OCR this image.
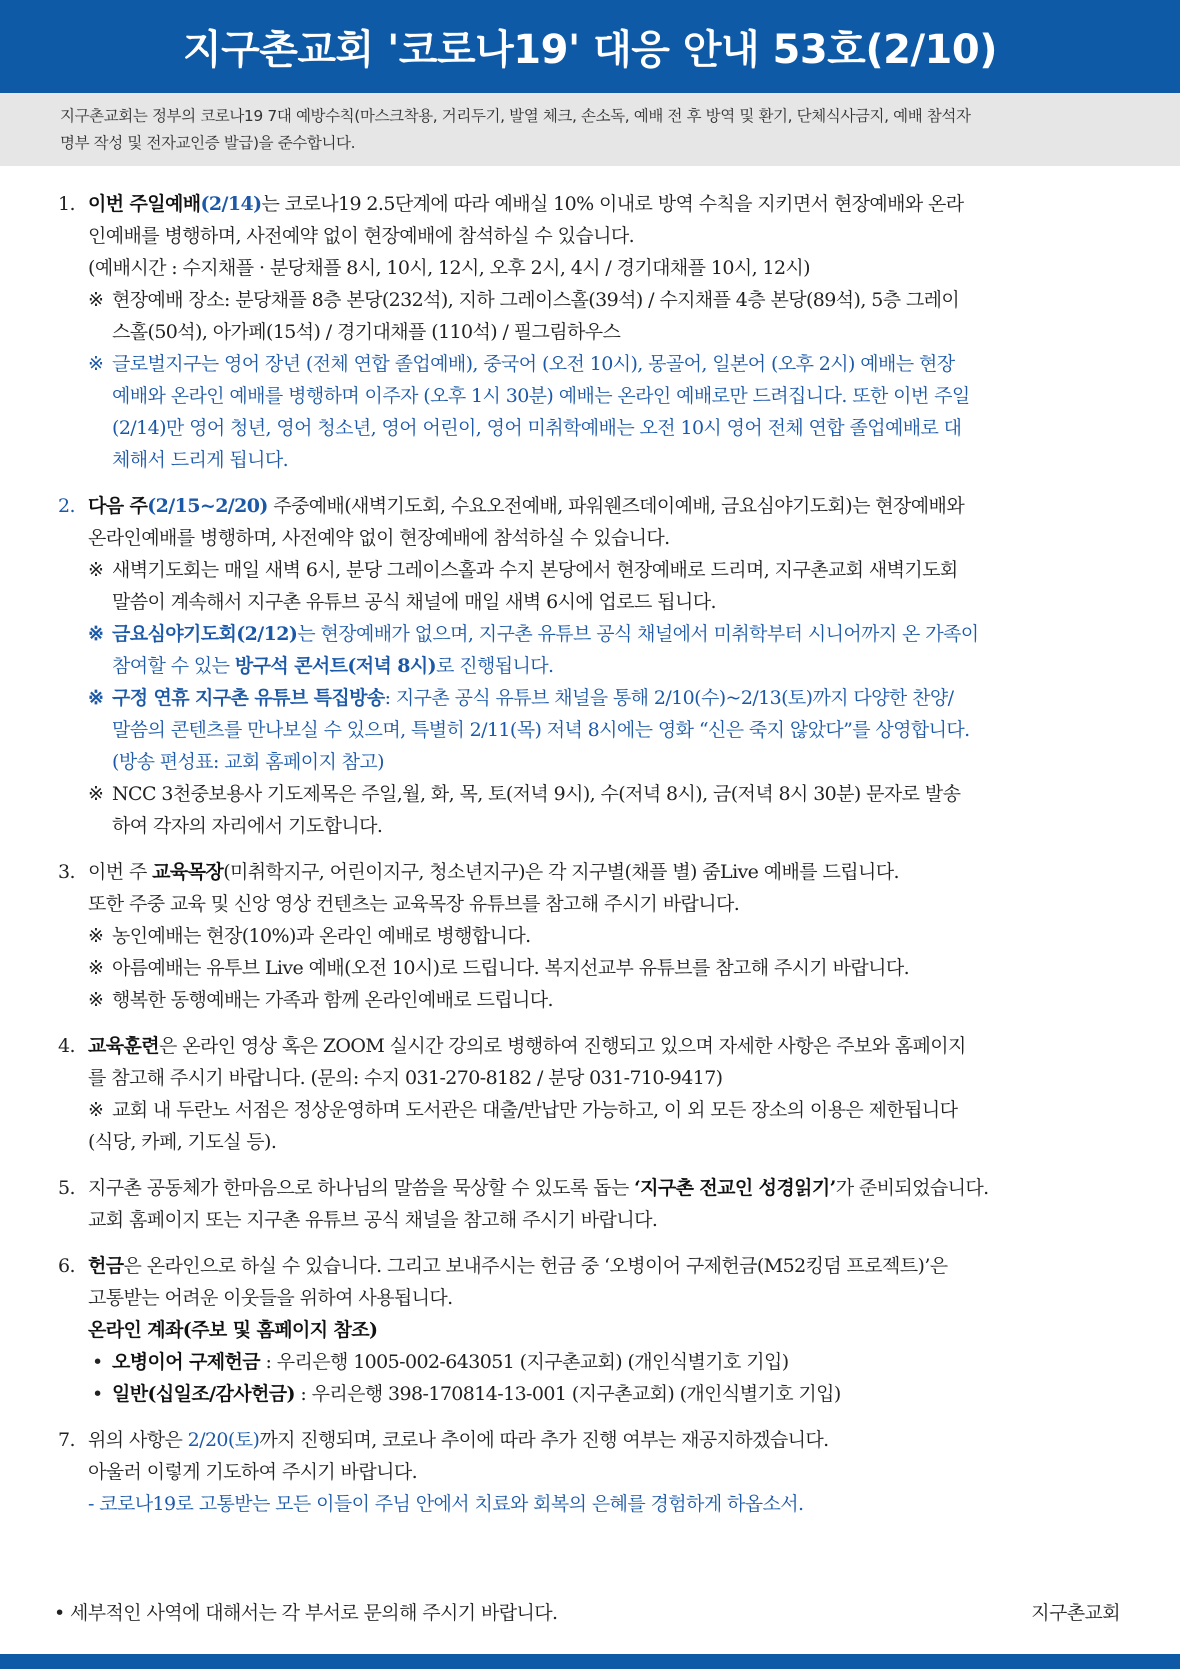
지구촌교회 '코로나19' 대응 안내 53호(2/10)
지구촌교회는 정부의 코로나19 7대 예방수칙(마스크착용, 거리두기, 발열 체크, 손소독, 예배 전 후 방역 및 환기, 단체식사금지, 예배 참석자
명부 작성 및 전자교인증 발급)을 준수합니다.
1. 이번 주일예배(2/14)는 코로나19 2.5단계에 따라 예배실 10% 이내로 방역 수칙을 지키면서 현장예배와 온라
인예배를 병행하며, 사전예약 없이 현장예배에 참석하실 수 있습니다.
(예배시간 : 수지채플 · 분당채플 8시, 10시, 12시, 오후 2시, 4시 / 경기대채플 10시, 12시)
※ 현장예배 장소: 분당채플 8층 본당(232석), 지하 그레이스홀(39석) / 수지채플 4층 본당(89석), 5층 그레이
스홀(50석), 아가페(15석) / 경기대채플 (110석) / 필그림하우스
※ 글로벌지구는 영어 장년 (전체 연합 졸업예배), 중국어 (오전 10시), 몽골어, 일본어 (오후 2시) 예배는 현장
예배와 온라인 예배를 병행하며 이주자 (오후 1시 30분) 예배는 온라인 예배로만 드려집니다. 또한 이번 주일
(2/14)만 영어 청년, 영어 청소년, 영어 어린이, 영어 미취학예배는 오전 10시 영어 전체 연합 졸업예배로 대
체해서 드리게 됩니다.
2. 다음 주(2/15~2/20) 주중예배(새벽기도회, 수요오전예배, 파워웬즈데이예배, 금요심야기도회)는 현장예배와
온라인예배를 병행하며, 사전예약 없이 현장예배에 참석하실 수 있습니다.
※ 새벽기도회는 매일 새벽 6시, 분당 그레이스홀과 수지 본당에서 현장예배로 드리며, 지구촌교회 새벽기도회
말씀이 계속해서 지구촌 유튜브 공식 채널에 매일 새벽 6시에 업로드 됩니다.
※ 금요심야기도회(2/12)는 현장예배가 없으며, 지구촌 유튜브 공식 채널에서 미취학부터 시니어까지 온 가족이
참여할 수 있는 방구석 콘서트(저녁 8시)로 진행됩니다.
※ 구정 연휴 지구촌 유튜브 특집방송: 지구촌 공식 유튜브 채널을 통해 2/10(수)~2/13(토)까지 다양한 찬양/
말씀의 콘텐츠를 만나보실 수 있으며, 특별히 2/11(목) 저녁 8시에는 영화 “신은 죽지 않았다”를 상영합니다.
(방송 편성표: 교회 홈페이지 참고)
※ NCC 3천중보용사 기도제목은 주일,월, 화, 목, 토(저녁 9시), 수(저녁 8시), 금(저녁 8시 30분) 문자로 발송
하여 각자의 자리에서 기도합니다.
3. 이번 주 교육목장(미취학지구, 어린이지구, 청소년지구)은 각 지구별(채플 별) 줌Live 예배를 드립니다.
또한 주중 교육 및 신앙 영상 컨텐츠는 교육목장 유튜브를 참고해 주시기 바랍니다.
※ 농인예배는 현장(10%)과 온라인 예배로 병행합니다.
※ 아름예배는 유투브 Live 예배(오전 10시)로 드립니다. 복지선교부 유튜브를 참고해 주시기 바랍니다.
※ 행복한 동행예배는 가족과 함께 온라인예배로 드립니다.
4. 교육훈련은 온라인 영상 혹은 ZOOM 실시간 강의로 병행하여 진행되고 있으며 자세한 사항은 주보와 홈페이지
를 참고해 주시기 바랍니다. (문의: 수지 031-270-8182 / 분당 031-710-9417)
※ 교회 내 두란노 서점은 정상운영하며 도서관은 대출/반납만 가능하고, 이 외 모든 장소의 이용은 제한됩니다
(식당, 카페, 기도실 등).
5. 지구촌 공동체가 한마음으로 하나님의 말씀을 묵상할 수 있도록 돕는 ‘지구촌 전교인 성경읽기’가 준비되었습니다.
교회 홈페이지 또는 지구촌 유튜브 공식 채널을 참고해 주시기 바랍니다.
6. 헌금은 온라인으로 하실 수 있습니다. 그리고 보내주시는 헌금 중 ‘오병이어 구제헌금(M52킹덤 프로젝트)’은
고통받는 어려운 이웃들을 위하여 사용됩니다.
온라인 계좌(주보 및 홈페이지 참조)
• 오병이어 구제헌금 : 우리은행 1005-002-643051 (지구촌교회) (개인식별기호 기입)
• 일반(십일조/감사헌금) : 우리은행 398-170814-13-001 (지구촌교회) (개인식별기호 기입)
7. 위의 사항은 2/20(토)까지 진행되며, 코로나 추이에 따라 추가 진행 여부는 재공지하겠습니다.
아울러 이렇게 기도하여 주시기 바랍니다.
- 코로나19로 고통받는 모든 이들이 주님 안에서 치료와 회복의 은혜를 경험하게 하옵소서.
• 세부적인 사역에 대해서는 각 부서로 문의해 주시기 바랍니다.	지구촌교회
